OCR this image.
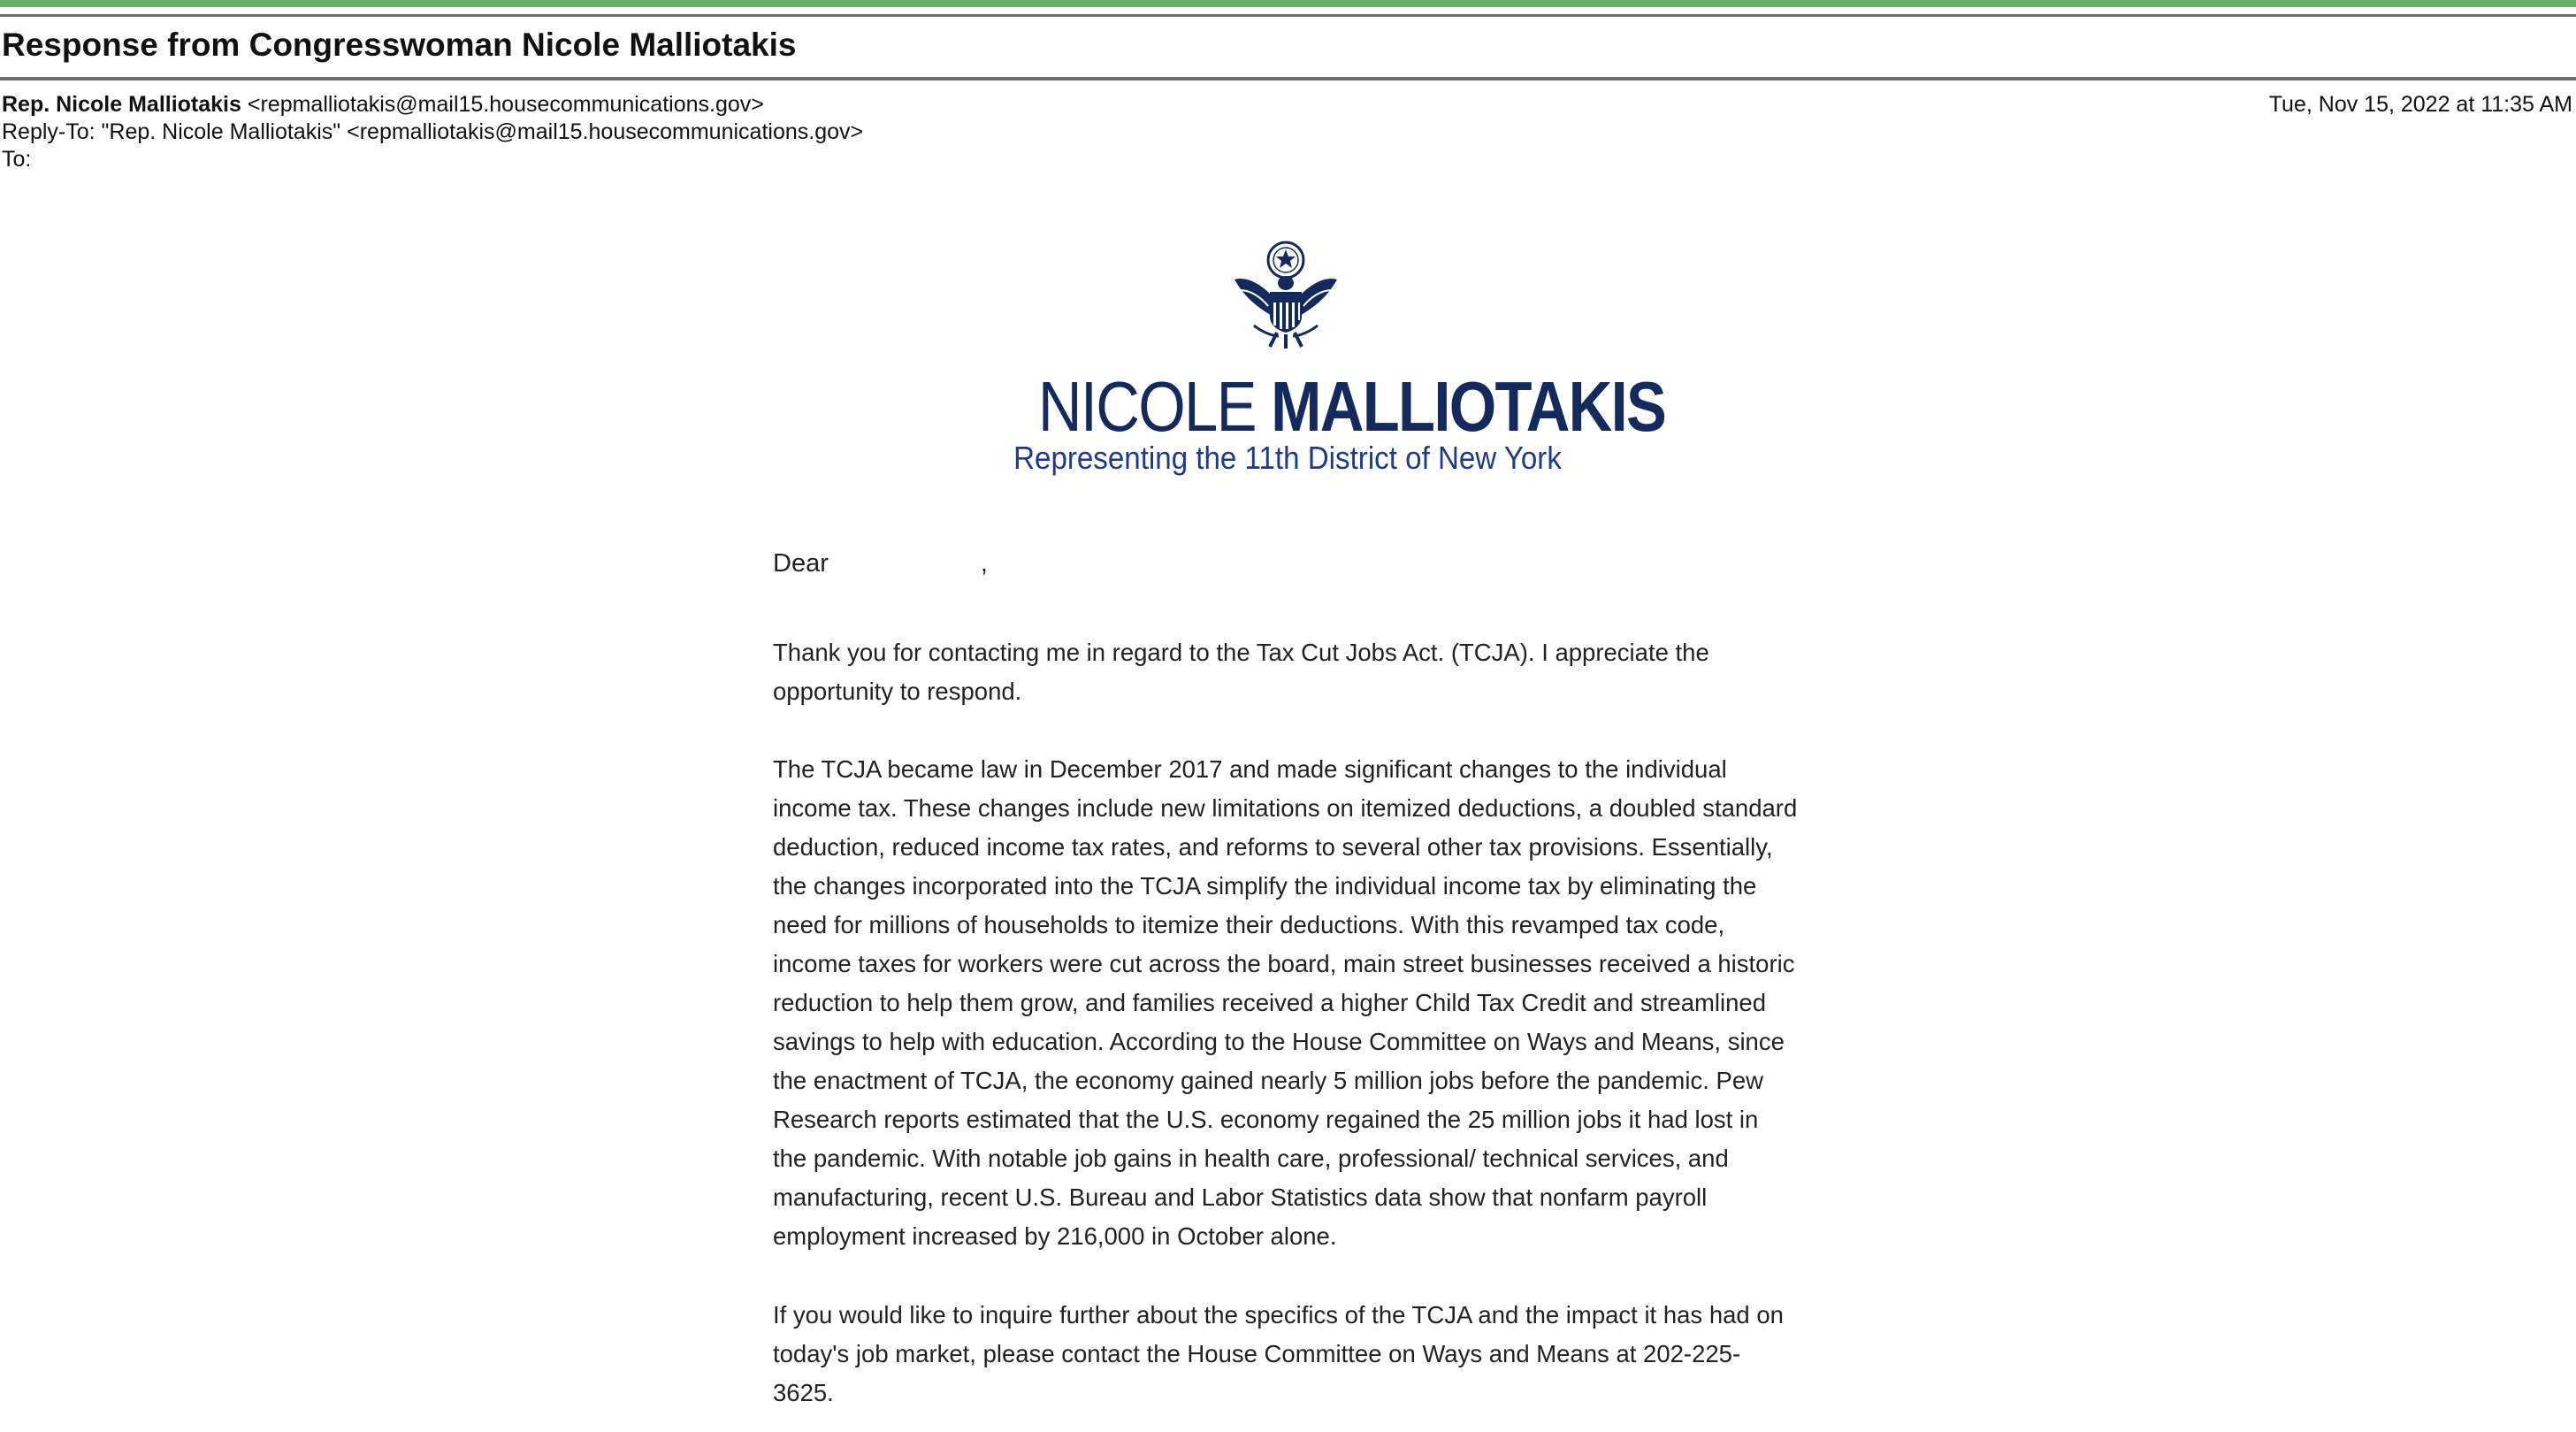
Response from Congresswoman Nicole Malliotakis
Rep. Nicole Malliotakis <repmalliotakis@mail15.housecommunications.gov>	Tue, Nov 15, 2022 at 11:35 AM
Reply-To: "Rep. Nicole Malliotakis" <repmalliotakis@mail15.housecommunications.gov>
To:
NICOLE MALLIOTAKIS
Representing the 11th District of New York
Dear	,
Thank you for contacting me in regard to the Tax Cut Jobs Act. (TCJA). I appreciate the opportunity to respond.
The TCJA became law in December 2017 and made significant changes to the individual income tax. These changes include new limitations on itemized deductions, a doubled standard deduction, reduced income tax rates, and reforms to several other tax provisions. Essentially, the changes incorporated into the TCJA simplify the individual income tax by eliminating the need for millions of households to itemize their deductions. With this revamped tax code, income taxes for workers were cut across the board, main street businesses received a historic reduction to help them grow, and families received a higher Child Tax Credit and streamlined savings to help with education. According to the House Committee on Ways and Means, since the enactment of TCJA, the economy gained nearly 5 million jobs before the pandemic. Pew Research reports estimated that the U.S. economy regained the 25 million jobs it had lost in the pandemic. With notable job gains in health care, professional/ technical services, and manufacturing, recent U.S. Bureau and Labor Statistics data show that nonfarm payroll employment increased by 216,000 in October alone.
If you would like to inquire further about the specifics of the TCJA and the impact it has had on today's job market, please contact the House Committee on Ways and Means at 202-225-3625.
